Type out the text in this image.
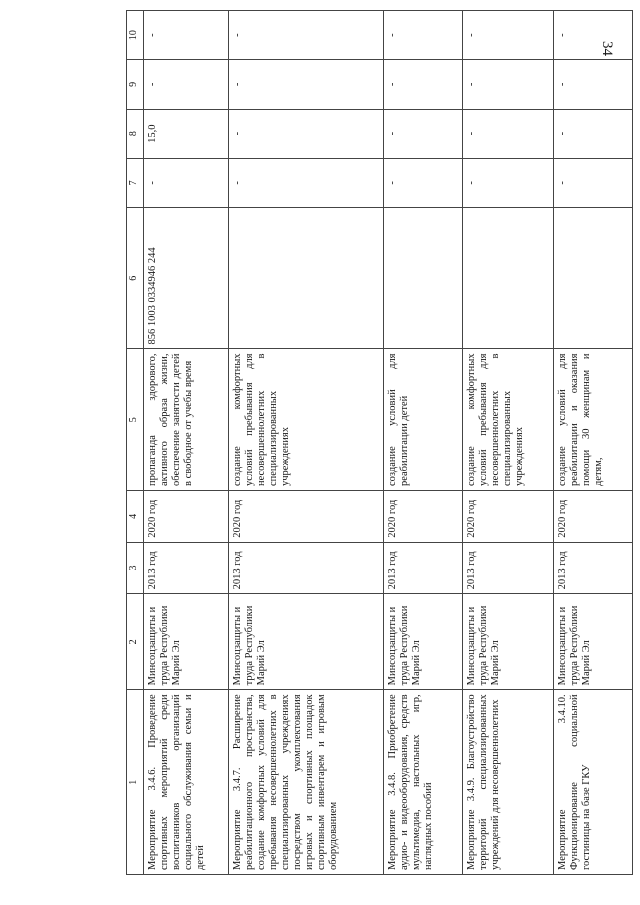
34
1	2	3	4	5	6	7	8	9	10
Мероприятие 3.4.6. Проведение спортивных мероприятий среди воспитанников организаций социального обслуживания семьи и детей	Минсоцзащиты и труда Республики Марий Эл	2013 год	2020 год	пропаганда здорового, активного образа жизни, обеспечение занятости детей в свободное от учебы время	856 1003 0334946 244	-	15,0	-	-
Мероприятие 3.4.7. Расширение реабилитационного пространства, создание комфортных условий для пребывания несовершеннолетних в специализированных учреждениях посредством укомплектования игровых и спортивных площадок спортивным инвентарем и игровым оборудованием	Минсоцзащиты и труда Республики Марий Эл	2013 год	2020 год	создание комфортных условий пребывания для несовершеннолетних в специализированных учреждениях		-	-	-	-
Мероприятие 3.4.8. Приобретение аудио- и видеооборудования, средств мультимедиа, настольных игр, наглядных пособий	Минсоцзащиты и труда Республики Марий Эл	2013 год	2020 год	создание условий для реабилитации детей		-	-	-	-
Мероприятие 3.4.9. Благоустройство территорий специализированных учреждений для несовершеннолетних	Минсоцзащиты и труда Республики Марий Эл	2013 год	2020 год	создание комфортных условий пребывания для несовершеннолетних в специализированных учреждениях		-	-	-	-
Мероприятие 3.4.10. Функционирование социальной гостиницы на базе ГКУ	Минсоцзащиты и труда Республики Марий Эл	2013 год	2020 год	создание условий для реабилитации и оказания помощи 30 женщинам и детям,		-	-	-	-
